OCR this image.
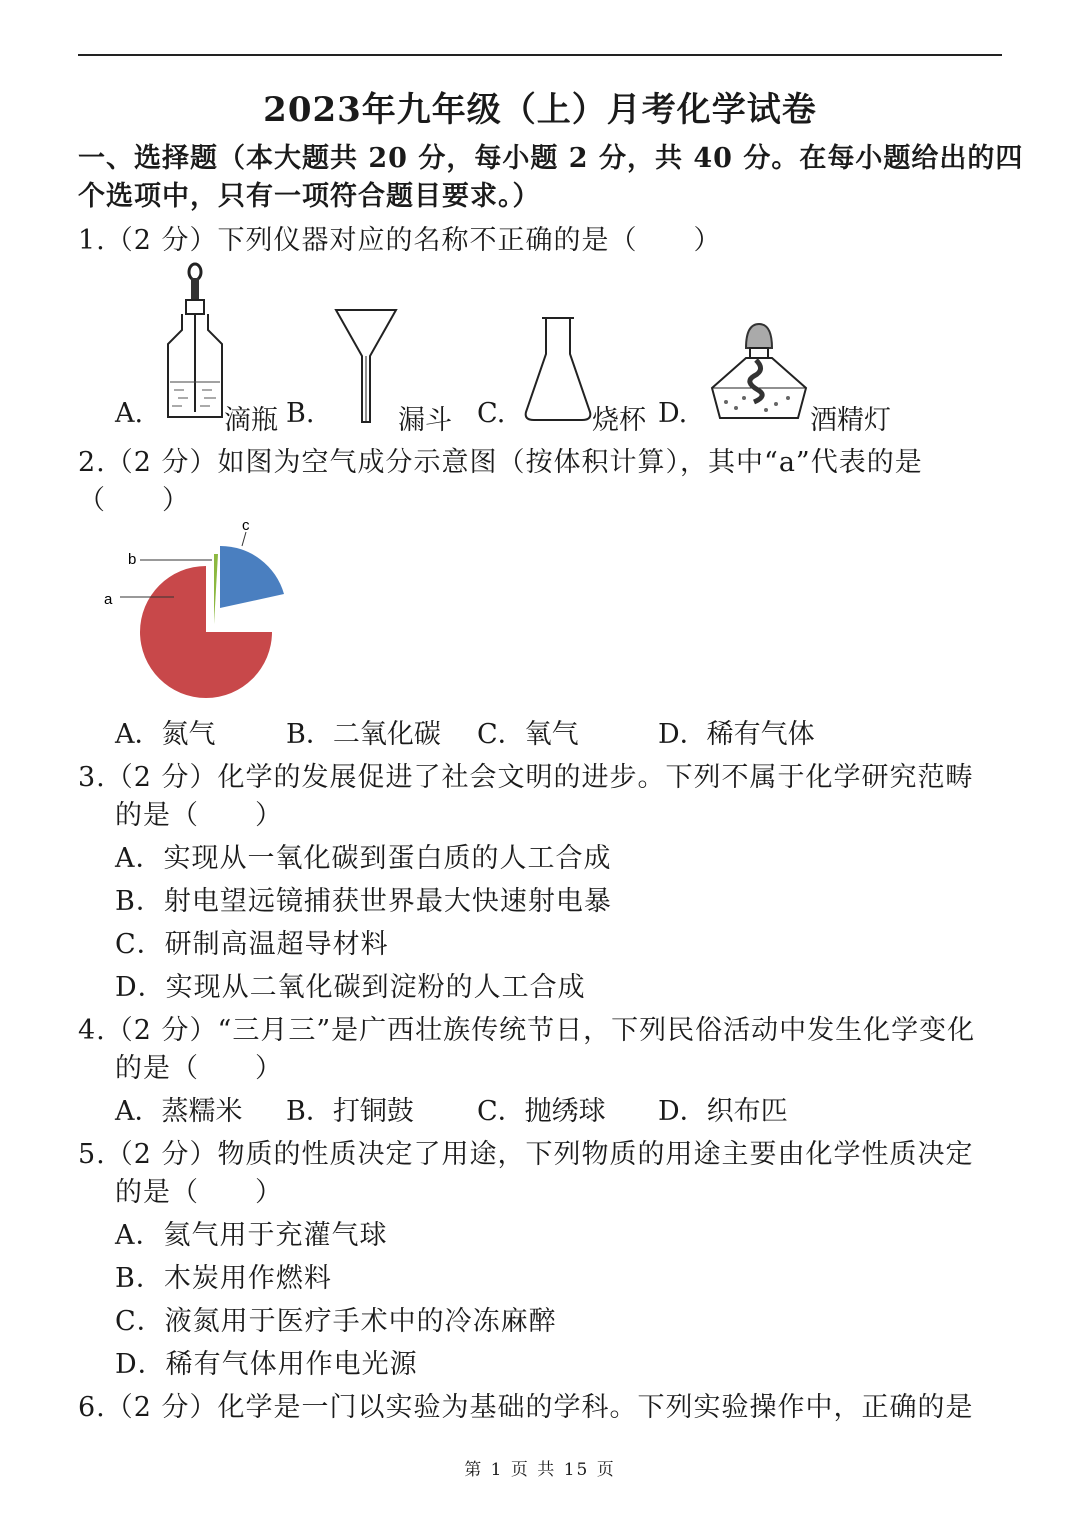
2023年九年级（上）月考化学试卷
一、选择题（本大题共 20 分，每小题 2 分，共 40 分。在每小题给出的四
个选项中，只有一项符合题目要求。）
1.（2 分）下列仪器对应的名称不正确的是（　　）
A.	滴瓶 B.	漏斗 C.	烧杯 D.	酒精灯
2.（2 分）如图为空气成分示意图（按体积计算），其中“a”代表的是
（　　）
a
b
c
A．氮气	B．二氧化碳 C．氧气	D．稀有气体
3.（2 分）化学的发展促进了社会文明的进步。下列不属于化学研究范畴
的是（　　）
A．实现从一氧化碳到蛋白质的人工合成
B．射电望远镜捕获世界最大快速射电暴
C．研制高温超导材料
D．实现从二氧化碳到淀粉的人工合成
4.（2 分）“三月三”是广西壮族传统节日，下列民俗活动中发生化学变化
的是（　　）
A．蒸糯米 B．打铜鼓 C．抛绣球 D．织布匹
5.（2 分）物质的性质决定了用途，下列物质的用途主要由化学性质决定
的是（　　）
A．氦气用于充灌气球
B．木炭用作燃料
C．液氮用于医疗手术中的冷冻麻醉
D．稀有气体用作电光源
6.（2 分）化学是一门以实验为基础的学科。下列实验操作中，正确的是
第 1 页 共 15 页
